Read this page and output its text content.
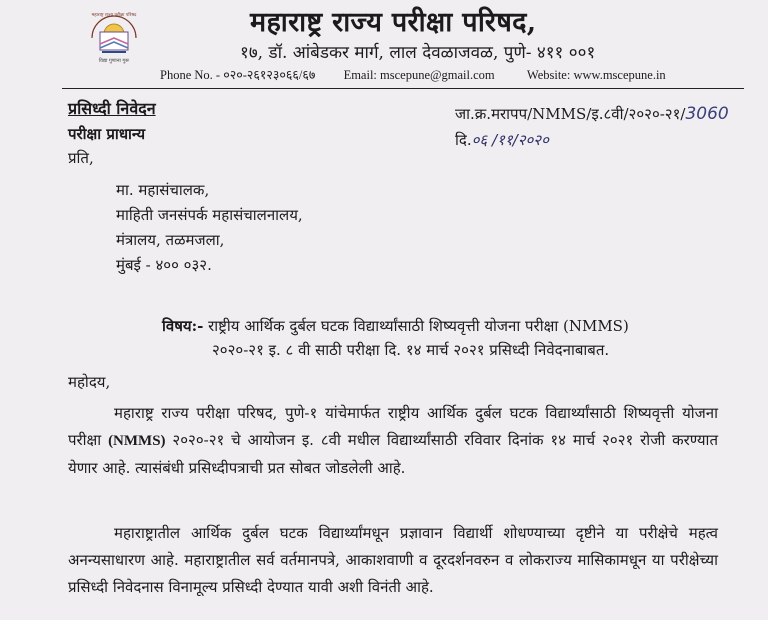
विद्या गुणाना गुरू
महाराष्ट्र राज्य परीक्षा परिषद	महाराष्ट्र राज्य परीक्षा परिषद,
१७, डॉ. आंबेडकर मार्ग, लाल देवळाजवळ, पुणे- ४११ ००१
Phone No. - ०२०-२६१२३०६६/६७ Email: mscepune@gmail.com	Website: www.mscepune.in
प्रसिध्दी निवेदन	जा.क्र.मरापप/NMMS/इ.८वी/२०२०-२१/3060
दि.०६ /११/२०२०
परीक्षा प्राधान्य
प्रति,
मा. महासंचालक,
माहिती जनसंपर्क महासंचालनालय,
मंत्रालय, तळमजला,
मुंबई - ४०० ०३२.
विषय:- राष्ट्रीय आर्थिक दुर्बल घटक विद्यार्थ्यांसाठी शिष्यवृत्ती योजना परीक्षा (NMMS)
२०२०-२१ इ. ८ वी साठी परीक्षा दि. १४ मार्च २०२१ प्रसिध्दी निवेदनाबाबत.
महोदय,
महाराष्ट्र राज्य परीक्षा परिषद, पुणे-१ यांचेमार्फत राष्ट्रीय आर्थिक दुर्बल घटक विद्यार्थ्यांसाठी शिष्यवृत्ती योजना परीक्षा (NMMS) २०२०-२१ चे आयोजन इ. ८वी मधील विद्यार्थ्यांसाठी रविवार दिनांक १४ मार्च २०२१ रोजी करण्यात येणार आहे. त्यासंबंधी प्रसिध्दीपत्राची प्रत सोबत जोडलेली आहे.
महाराष्ट्रातील आर्थिक दुर्बल घटक विद्यार्थ्यांमधून प्रज्ञावान विद्यार्थी शोधण्याच्या दृष्टीने या परीक्षेचे महत्व अनन्यसाधारण आहे. महाराष्ट्रातील सर्व वर्तमानपत्रे, आकाशवाणी व दूरदर्शनवरुन व लोकराज्य मासिकामधून या परीक्षेच्या प्रसिध्दी निवेदनास विनामूल्य प्रसिध्दी देण्यात यावी अशी विनंती आहे.
